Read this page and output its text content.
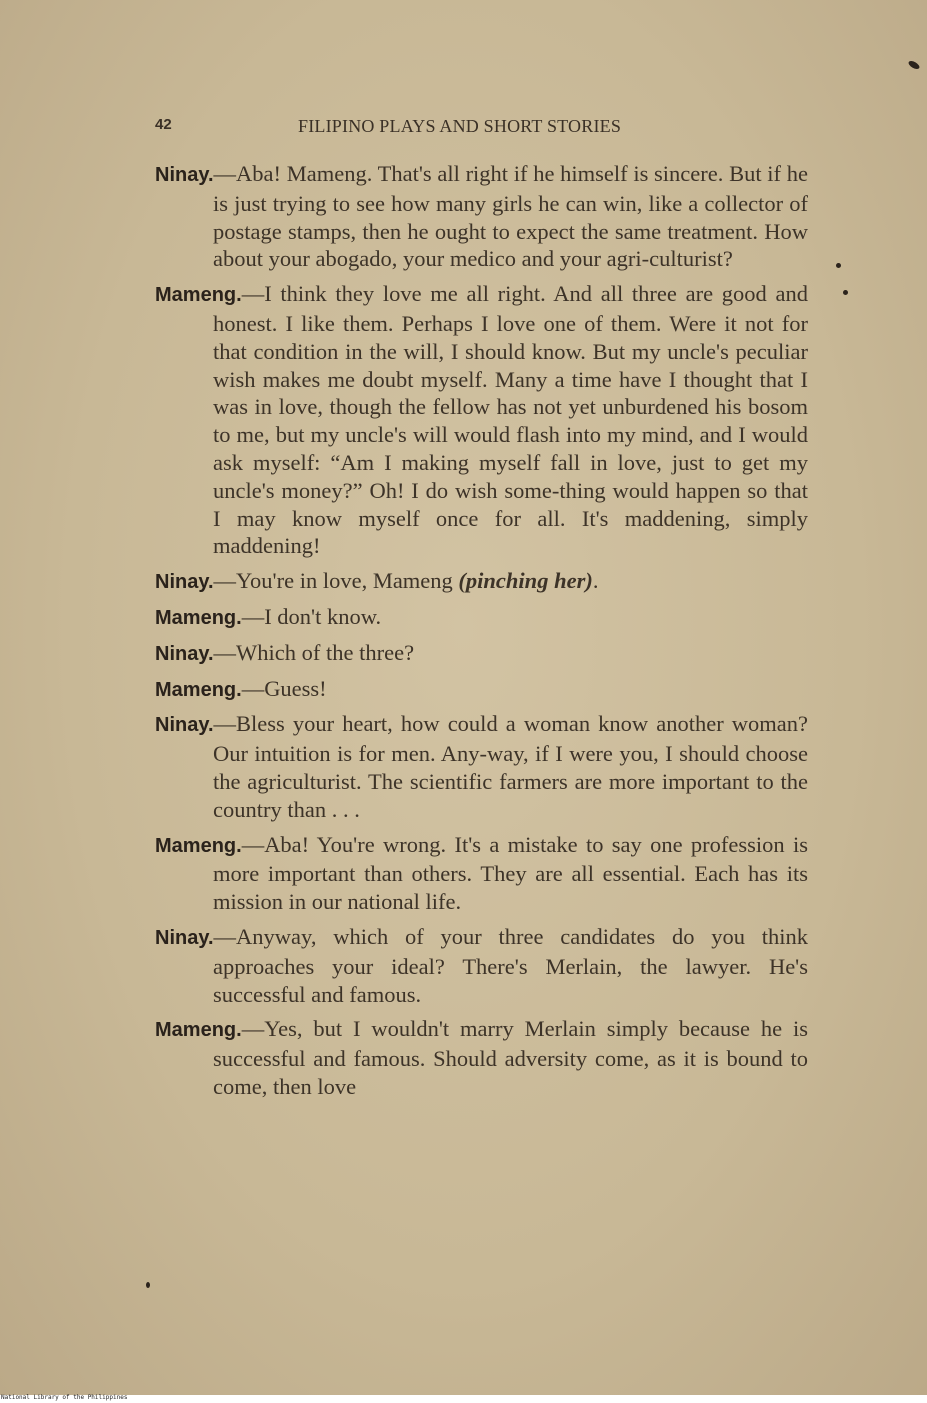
42	FILIPINO PLAYS AND SHORT STORIES

Ninay.—Aba! Mameng. That's all right if he himself is sincere. But if he is just trying to see how many girls he can win, like a collector of postage stamps, then he ought to expect the same treatment. How about your abogado, your medico and your agri-culturist?

Mameng.—I think they love me all right. And all three are good and honest. I like them. Perhaps I love one of them. Were it not for that condition in the will, I should know. But my uncle's peculiar wish makes me doubt myself. Many a time have I thought that I was in love, though the fellow has not yet unburdened his bosom to me, but my uncle's will would flash into my mind, and I would ask myself: “Am I making myself fall in love, just to get my uncle's money?” Oh! I do wish some-thing would happen so that I may know myself once for all. It's maddening, simply maddening!

Ninay.—You're in love, Mameng (pinching her).

Mameng.—I don't know.

Ninay.—Which of the three?

Mameng.—Guess!

Ninay.—Bless your heart, how could a woman know another woman? Our intuition is for men. Any-way, if I were you, I should choose the agriculturist. The scientific farmers are more important to the country than . . .

Mameng.—Aba! You're wrong. It's a mistake to say one profession is more important than others. They are all essential. Each has its mission in our national life.

Ninay.—Anyway, which of your three candidates do you think approaches your ideal? There's Merlain, the lawyer. He's successful and famous.

Mameng.—Yes, but I wouldn't marry Merlain simply because he is successful and famous. Should adversity come, as it is bound to come, then love

National Library of the Philippines
